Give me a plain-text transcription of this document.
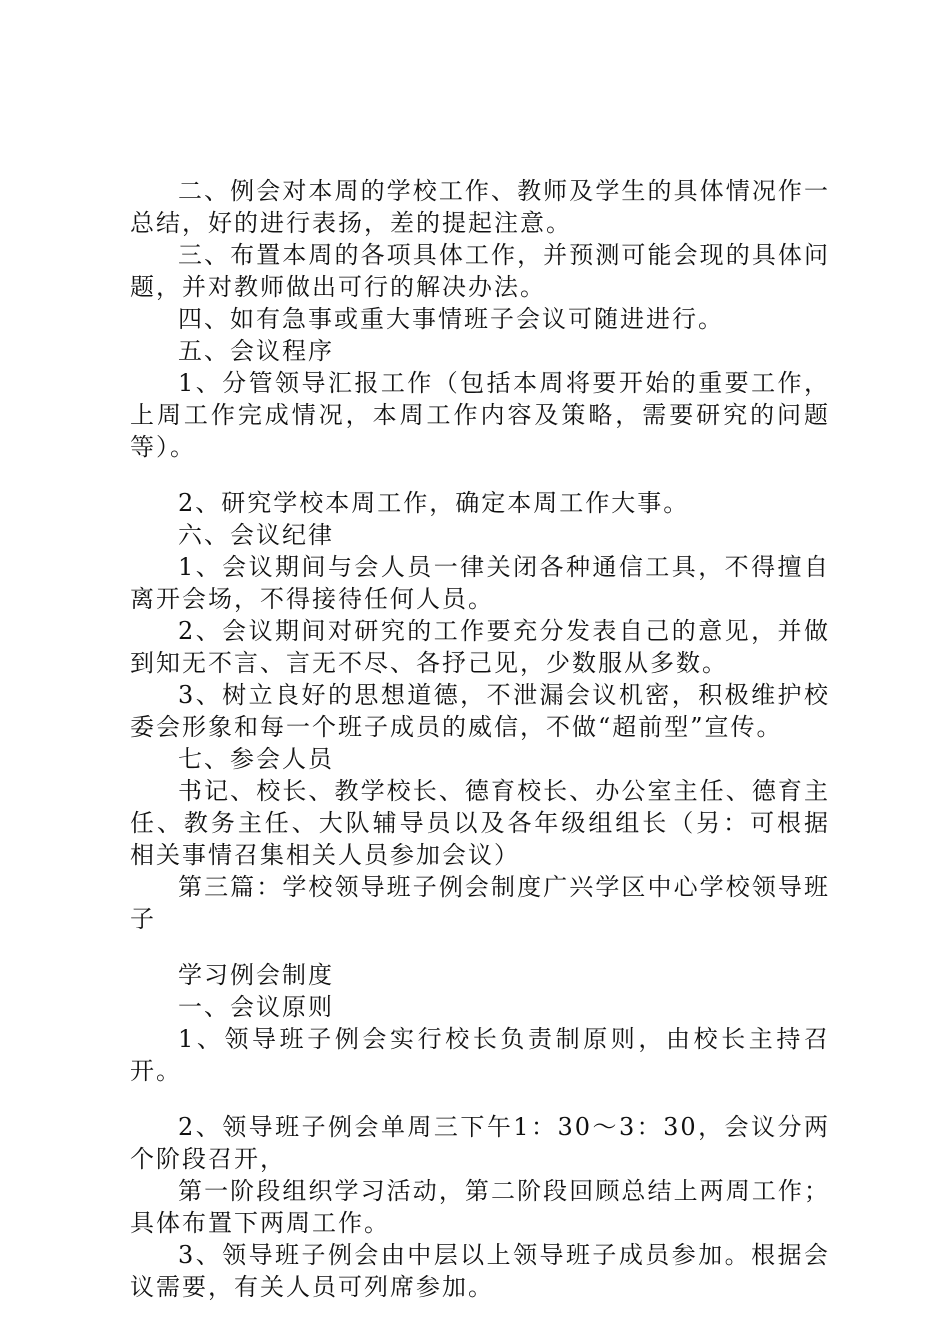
二、例会对本周的学校工作、教师及学生的具体情况作一总结，好的进行表扬，差的提起注意。

三、布置本周的各项具体工作，并预测可能会现的具体问题，并对教师做出可行的解决办法。

四、如有急事或重大事情班子会议可随进进行。

五、会议程序

1、分管领导汇报工作（包括本周将要开始的重要工作，上周工作完成情况，本周工作内容及策略，需要研究的问题等）。

2、研究学校本周工作，确定本周工作大事。

六、会议纪律

1、会议期间与会人员一律关闭各种通信工具，不得擅自离开会场，不得接待任何人员。

2、会议期间对研究的工作要充分发表自己的意见，并做到知无不言、言无不尽、各抒己见，少数服从多数。

3、树立良好的思想道德，不泄漏会议机密，积极维护校委会形象和每一个班子成员的威信，不做“超前型”宣传。

七、参会人员

书记、校长、教学校长、德育校长、办公室主任、德育主任、教务主任、大队辅导员以及各年级组组长（另：可根据相关事情召集相关人员参加会议）

第三篇：学校领导班子例会制度广兴学区中心学校领导班子

学习例会制度

一、会议原则

1、领导班子例会实行校长负责制原则，由校长主持召开。

2、领导班子例会单周三下午1：30～3：30，会议分两个阶段召开，

第一阶段组织学习活动，第二阶段回顾总结上两周工作；具体布置下两周工作。

3、领导班子例会由中层以上领导班子成员参加。根据会议需要，有关人员可列席参加。
